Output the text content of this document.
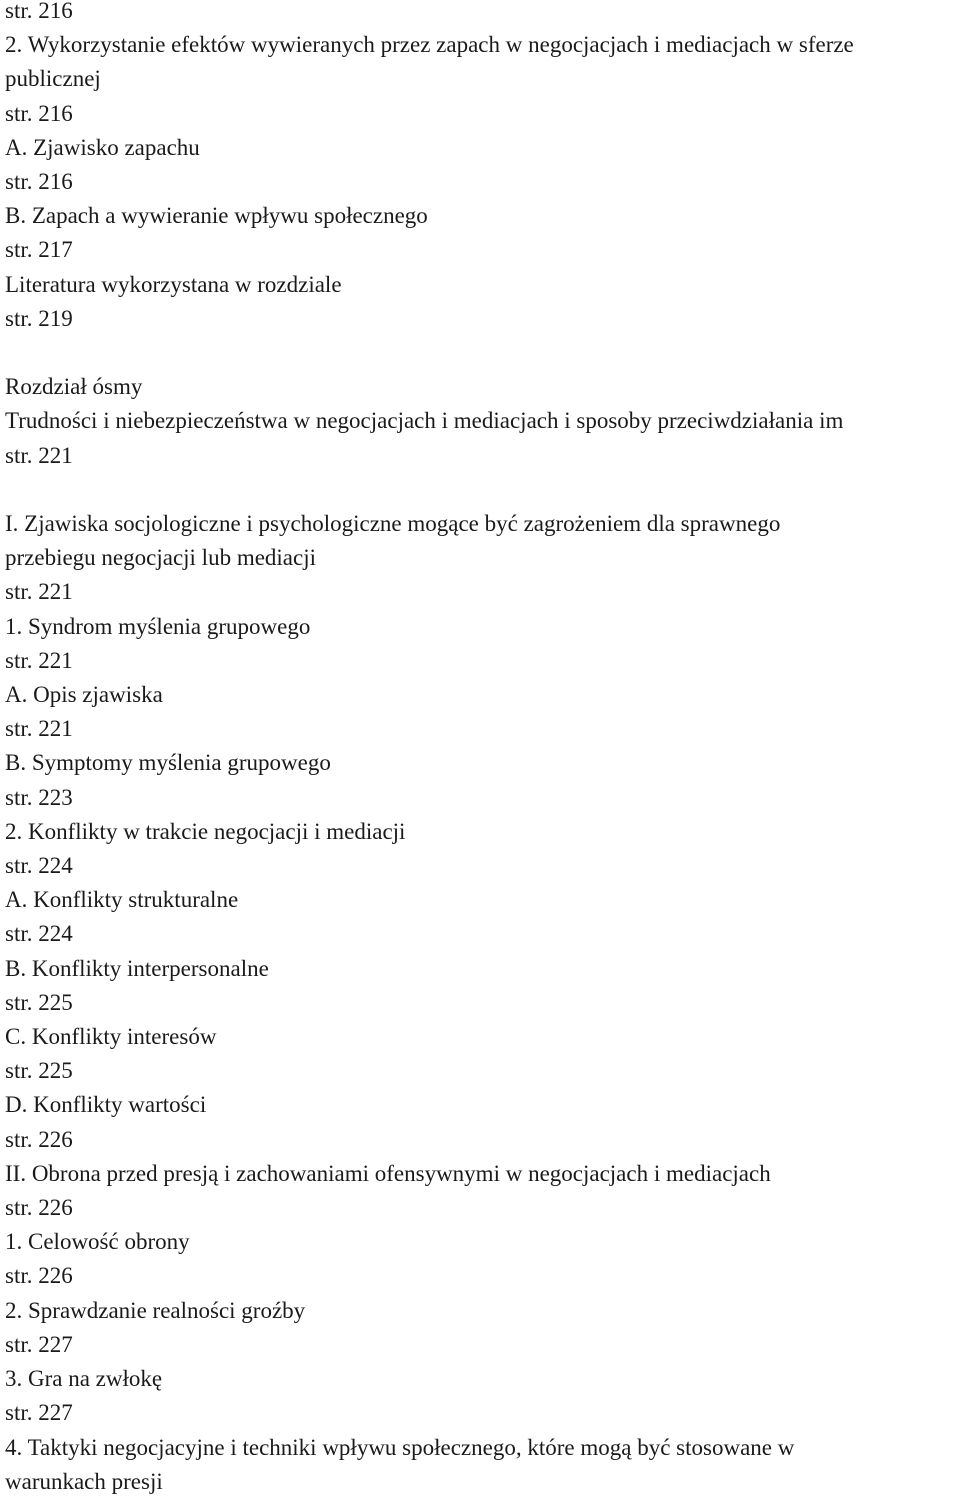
str. 216
2. Wykorzystanie efektów wywieranych przez zapach w negocjacjach i mediacjach w sferze
publicznej
str. 216
A. Zjawisko zapachu
str. 216
B. Zapach a wywieranie wpływu społecznego
str. 217
Literatura wykorzystana w rozdziale
str. 219
Rozdział ósmy
Trudności i niebezpieczeństwa w negocjacjach i mediacjach i sposoby przeciwdziałania im
str. 221
I. Zjawiska socjologiczne i psychologiczne mogące być zagrożeniem dla sprawnego
przebiegu negocjacji lub mediacji
str. 221
1. Syndrom myślenia grupowego
str. 221
A. Opis zjawiska
str. 221
B. Symptomy myślenia grupowego
str. 223
2. Konflikty w trakcie negocjacji i mediacji
str. 224
A. Konflikty strukturalne
str. 224
B. Konflikty interpersonalne
str. 225
C. Konflikty interesów
str. 225
D. Konflikty wartości
str. 226
II. Obrona przed presją i zachowaniami ofensywnymi w negocjacjach i mediacjach
str. 226
1. Celowość obrony
str. 226
2. Sprawdzanie realności groźby
str. 227
3. Gra na zwłokę
str. 227
4. Taktyki negocjacyjne i techniki wpływu społecznego, które mogą być stosowane w
warunkach presji
